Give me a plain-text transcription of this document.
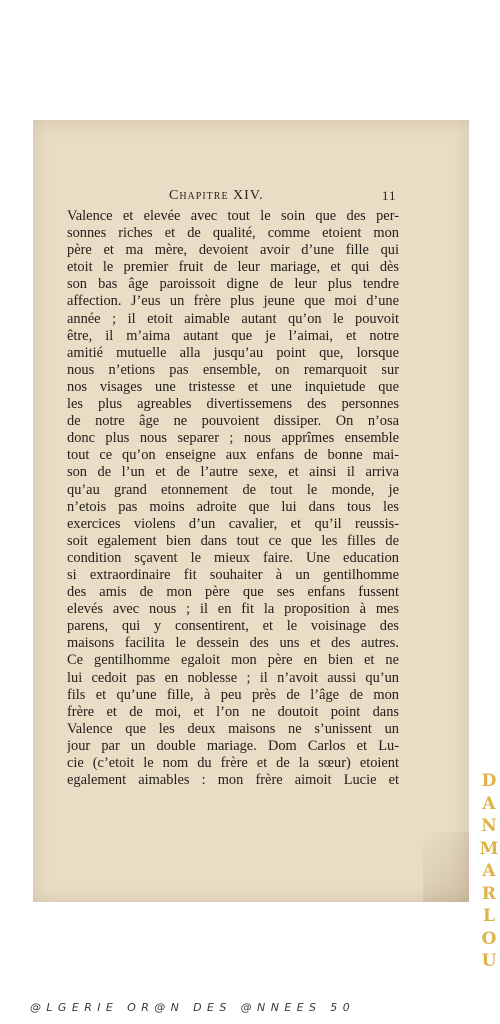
Chapitre XIV.	11
Valence et elevée avec tout le soin que des per-
sonnes riches et de qualité, comme etoient mon
père et ma mère, devoient avoir d’une fille qui
etoit le premier fruit de leur mariage, et qui dès
son bas âge paroissoit digne de leur plus tendre
affection. J’eus un frère plus jeune que moi d’une
année ; il etoit aimable autant qu’on le pouvoit
être, il m’aima autant que je l’aimai, et notre
amitié mutuelle alla jusqu’au point que, lorsque
nous n’etions pas ensemble, on remarquoit sur
nos visages une tristesse et une inquietude que
les plus agreables divertissemens des personnes
de notre âge ne pouvoient dissiper. On n’osa
donc plus nous separer ; nous apprîmes ensemble
tout ce qu’on enseigne aux enfans de bonne mai-
son de l’un et de l’autre sexe, et ainsi il arriva
qu’au grand etonnement de tout le monde, je
n’etois pas moins adroite que lui dans tous les
exercices violens d’un cavalier, et qu’il reussis-
soit egalement bien dans tout ce que les filles de
condition sçavent le mieux faire. Une education
si extraordinaire fit souhaiter à un gentilhomme
des amis de mon père que ses enfans fussent
elevés avec nous ; il en fit la proposition à mes
parens, qui y consentirent, et le voisinage des
maisons facilita le dessein des uns et des autres.
Ce gentilhomme egaloit mon père en bien et ne
lui cedoit pas en noblesse ; il n’avoit aussi qu’un
fils et qu’une fille, à peu près de l’âge de mon
frère et de moi, et l’on ne doutoit point dans
Valence que les deux maisons ne s’unissent un
jour par un double mariage. Dom Carlos et Lu-
cie (c’etoit le nom du frère et de la sœur) etoient
egalement aimables : mon frère aimoit Lucie et	D
A
N
M
A
R
L
O
U
@LGERIE OR@N DES @NNEES 50
